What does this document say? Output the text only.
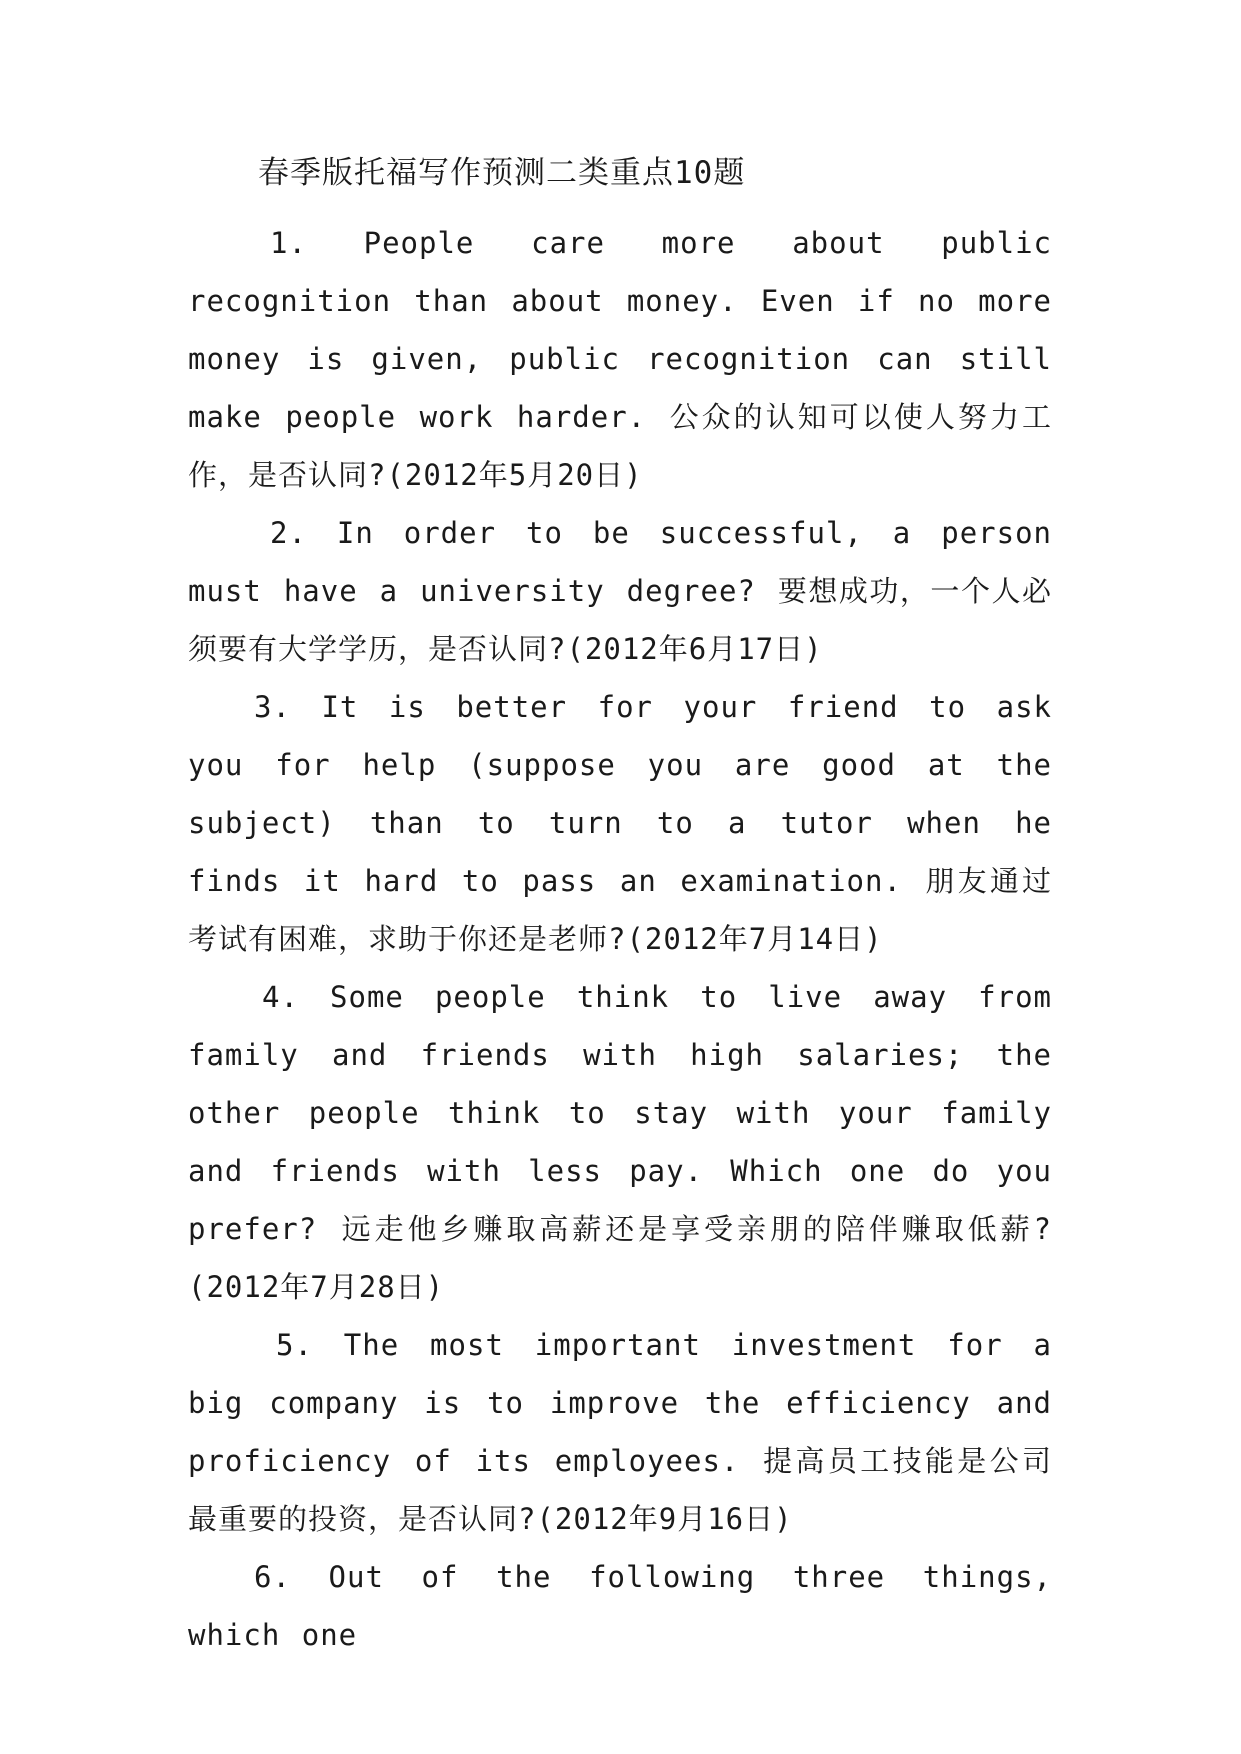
春季版托福写作预测二类重点10题

1. People care more about public recognition than about money. Even if no more money is given, public recognition can still make people work harder. 公众的认知可以使人努力工作，是否认同?(2012年5月20日)

2. In order to be successful, a person must have a university degree? 要想成功，一个人必须要有大学学历，是否认同?(2012年6月17日)

3. It is better for your friend to ask you for help (suppose you are good at the subject) than to turn to a tutor when he finds it hard to pass an examination. 朋友通过考试有困难，求助于你还是老师?(2012年7月14日)

4. Some people think to live away from family and friends with high salaries; the other people think to stay with your family and friends with less pay. Which one do you prefer? 远走他乡赚取高薪还是享受亲朋的陪伴赚取低薪?(2012年7月28日)

5. The most important investment for a big company is to improve the efficiency and proficiency of its employees. 提高员工技能是公司最重要的投资，是否认同?(2012年9月16日)

6. Out of the following three things, which one
